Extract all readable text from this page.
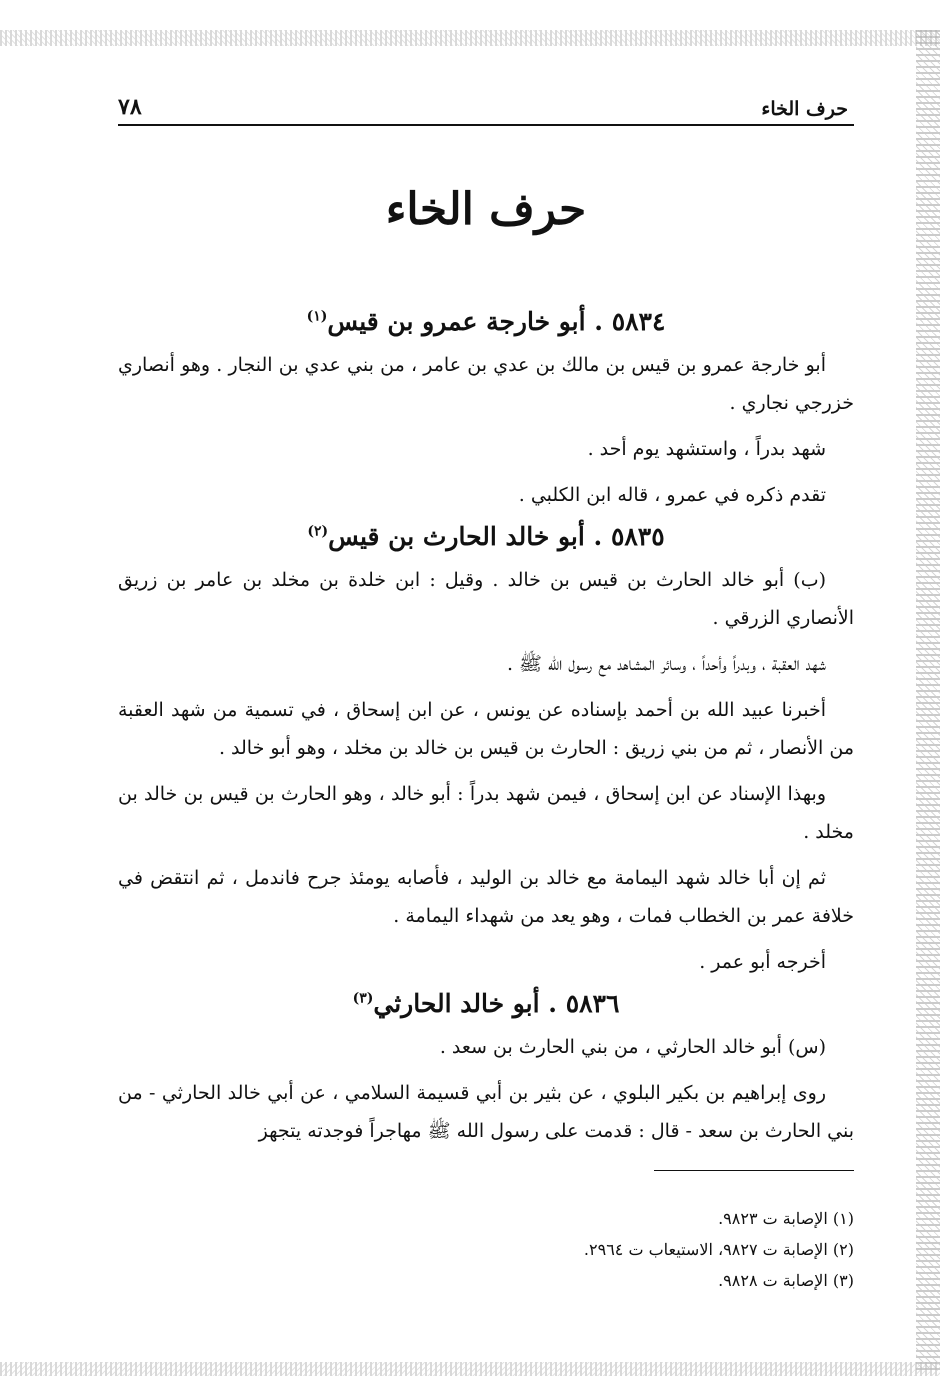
حرف الخاء
٧٨
حرف الخاء
٥٨٣٤ . أبو خارجة عمرو بن قيس$^{(١)}$

أبو خارجة عمرو بن قيس بن مالك بن عدي بن عامر ، من بني عدي بن النجار . وهو أنصاري خزرجي نجاري .

شهد بدراً ، واستشهد يوم أحد .

تقدم ذكره في عمرو ، قاله ابن الكلبي .

٥٨٣٥ . أبو خالد الحارث بن قيس$^{(٢)}$

(ب) أبو خالد الحارث بن قيس بن خالد . وقيل : ابن خلدة بن مخلد بن عامر بن زريق الأنصاري الزرقي .

شهد العقبة ، وبدراً وأحداً ، وسائر المشاهد مع رسول الله ﷺ .

أخبرنا عبيد الله بن أحمد بإسناده عن يونس ، عن ابن إسحاق ، في تسمية من شهد العقبة من الأنصار ، ثم من بني زريق : الحارث بن قيس بن خالد بن مخلد ، وهو أبو خالد .

وبهذا الإسناد عن ابن إسحاق ، فيمن شهد بدراً : أبو خالد ، وهو الحارث بن قيس بن خالد بن مخلد .

ثم إن أبا خالد شهد اليمامة مع خالد بن الوليد ، فأصابه يومئذ جرح فاندمل ، ثم انتقض في خلافة عمر بن الخطاب فمات ، وهو يعد من شهداء اليمامة .

أخرجه أبو عمر .

٥٨٣٦ . أبو خالد الحارثي$^{(٣)}$

(س) أبو خالد الحارثي ، من بني الحارث بن سعد .

روى إبراهيم بن بكير البلوي ، عن بثير بن أبي قسيمة السلامي ، عن أبي خالد الحارثي - من بني الحارث بن سعد - قال : قدمت على رسول الله ﷺ مهاجراً فوجدته يتجهز

(١) الإصابة ت ٩٨٢٣.

(٢) الإصابة ت ٩٨٢٧، الاستيعاب ت ٢٩٦٤.

(٣) الإصابة ت ٩٨٢٨.
